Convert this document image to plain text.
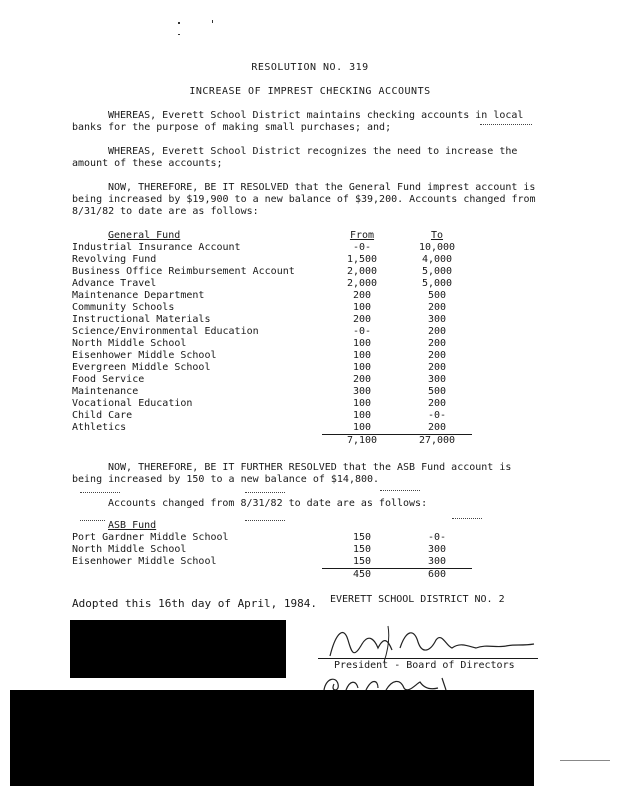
RESOLUTION NO. 319
INCREASE OF IMPREST CHECKING ACCOUNTS
WHEREAS, Everett School District maintains checking accounts in local banks for the purpose of making small purchases; and;
WHEREAS, Everett School District recognizes the need to increase the amount of these accounts;
NOW, THEREFORE, BE IT RESOLVED that the General Fund imprest account is being increased by $19,900 to a new balance of $39,200. Accounts changed from 8/31/82 to date are as follows:
General Fund	From	To
Industrial Insurance Account	-0-	10,000
Revolving Fund	1,500	4,000
Business Office Reimbursement Account	2,000	5,000
Advance Travel	2,000	5,000
Maintenance Department	200	500
Community Schools	100	200
Instructional Materials	200	300
Science/Environmental Education	-0-	200
North Middle School	100	200
Eisenhower Middle School	100	200
Evergreen Middle School	100	200
Food Service	200	300
Maintenance	300	500
Vocational Education	100	200
Child Care	100	-0-
Athletics	100	200
	7,100	27,000
NOW, THEREFORE, BE IT FURTHER RESOLVED that the ASB Fund account is being increased by 150 to a new balance of $14,800.
Accounts changed from 8/31/82 to date are as follows:
ASB Fund		
Port Gardner Middle School	150	-0-
North Middle School	150	300
Eisenhower Middle School	150	300
	450	600
Adopted this 16th day of April, 1984. EVERETT SCHOOL DISTRICT NO. 2
President - Board of Directors
